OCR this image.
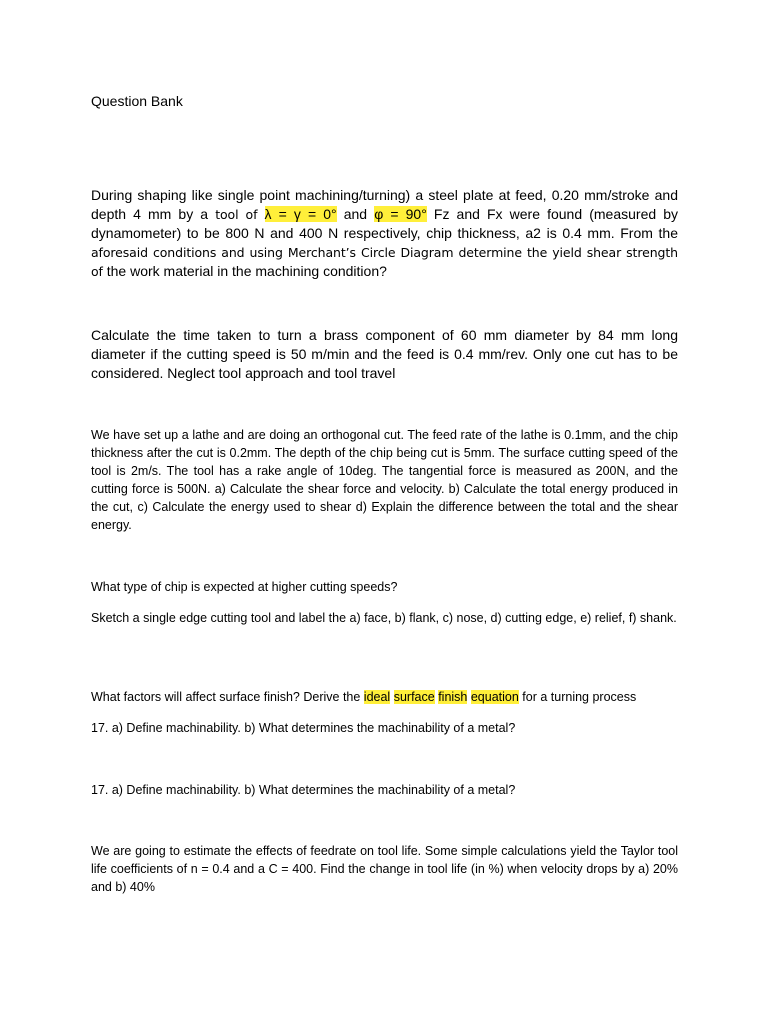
Question Bank

During shaping like single point machining/turning) a steel plate at feed, 0.20 mm/stroke and depth 4 mm by a tool of λ = γ = 0° and φ = 90° Fz and Fx were found (measured by dynamometer) to be 800 N and 400 N respectively, chip thickness, a2 is 0.4 mm. From the aforesaid conditions and using Merchant’s Circle Diagram determine the yield shear strength of the work material in the machining condition?

Calculate the time taken to turn a brass component of 60 mm diameter by 84 mm long diameter if the cutting speed is 50 m/min and the feed is 0.4 mm/rev. Only one cut has to be considered. Neglect tool approach and tool travel

We have set up a lathe and are doing an orthogonal cut. The feed rate of the lathe is 0.1mm, and the chip thickness after the cut is 0.2mm. The depth of the chip being cut is 5mm. The surface cutting speed of the tool is 2m/s. The tool has a rake angle of 10deg. The tangential force is measured as 200N, and the cutting force is 500N. a) Calculate the shear force and velocity. b) Calculate the total energy produced in the cut, c) Calculate the energy used to shear d) Explain the difference between the total and the shear energy.

What type of chip is expected at higher cutting speeds?

Sketch a single edge cutting tool and label the a) face, b) flank, c) nose, d) cutting edge, e) relief, f) shank.

What factors will affect surface finish? Derive the ideal surface finish equation for a turning process

17. a) Define machinability. b) What determines the machinability of a metal?

17. a) Define machinability. b) What determines the machinability of a metal?

We are going to estimate the effects of feedrate on tool life. Some simple calculations yield the Taylor tool life coefficients of n = 0.4 and a C = 400. Find the change in tool life (in %) when velocity drops by a) 20% and b) 40%
